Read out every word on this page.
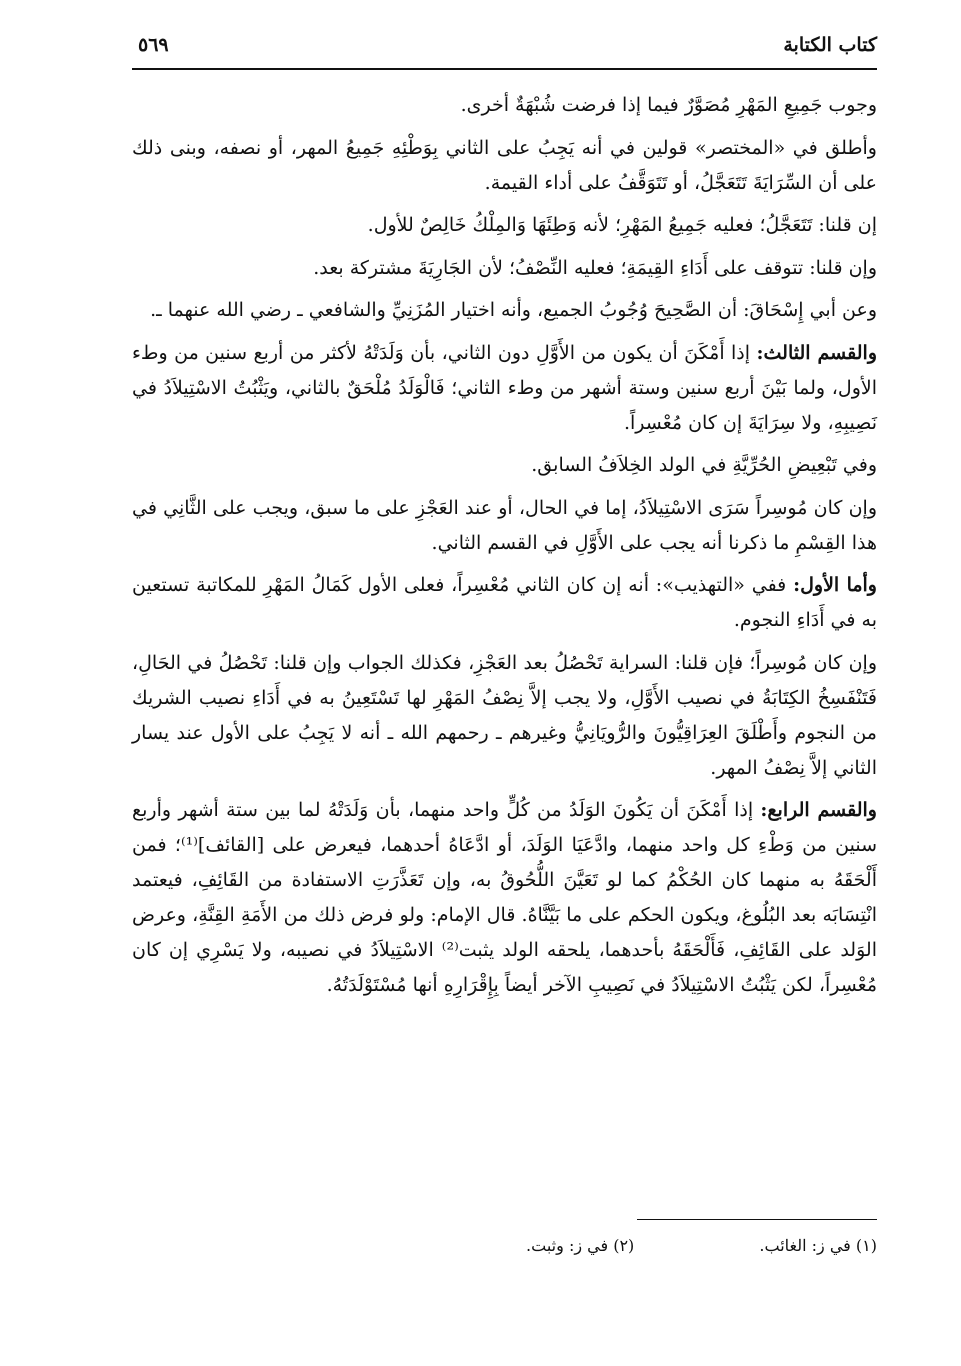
كتاب الكتابة
٥٦٩

وجوب جَمِيعِ المَهْرِ مُصَوَّرٌ فيما إذا فرضت شُبْهَةٌ أخرى.

وأطلق في «المختصر» قولين في أنه يَجِبُ على الثاني بِوَطْئِهِ جَمِيعُ المهر، أو نصفه، وبنى ذلك على أن السِّرَايَةَ تَتَعَجَّلُ، أو تَتَوَقَّفُ على أداء القيمة.

إن قلنا: تَتَعَجَّلُ؛ فعليه جَمِيعُ المَهْرِ؛ لأنه وَطِئَهَا وَالمِلْكُ خَالِصٌ للأول.

وإن قلنا: تتوقف على أَدَاءِ القِيمَةِ؛ فعليه النِّصْفُ؛ لأن الجَارِيَةَ مشتركة بعد.

وعن أبي إِسْحَاقَ: أن الصَّحِيحَ وُجُوبُ الجميع، وأنه اختيار المُزَنِيِّ والشافعي ـ رضي الله عنهما ـ.

والقسم الثالث: إذا أَمْكَنَ أن يكون من الأَوَّلِ دون الثاني، بأن وَلَدَتْهُ لأكثر من أربع سنين من وطء الأول، ولما بَيْنَ أربع سنين وستة أشهر من وطء الثاني؛ فَالْوَلَدُ مُلْحَقٌ بالثاني، ويَثْبُتُ الاسْتِيلاَدُ في نَصِيبِهِ، ولا سِرَايَةَ إن كان مُعْسِراً.

وفي تَبْعِيضِ الحُرِّيَّةِ في الولد الخِلاَفُ السابق.

وإن كان مُوسِراً سَرَى الاسْتِيلاَدُ، إما في الحال، أو عند العَجْزِ على ما سبق، ويجب على الثَّانِي في هذا القِسْمِ ما ذكرنا أنه يجب على الأَوَّلِ في القسم الثاني.

وأما الأول: ففي «التهذيب»: أنه إن كان الثاني مُعْسِراً، فعلى الأول كَمَالُ المَهْرِ للمكاتبة تستعين به في أَدَاءِ النجوم.

وإن كان مُوسِراً؛ فإن قلنا: السراية تَحْصُلُ بعد العَجْزِ، فكذلك الجواب وإن قلنا: تَحْصُلُ في الحَالِ، فَتَنْفَسِخُ الكِتَابَةُ في نصيب الأَوَّلِ، ولا يجب إلاَّ نِصْفُ المَهْرِ لها تَسْتَعِينُ به في أَدَاءِ نصيب الشريك من النجوم وأَطْلَقَ العِرَاقِيُّونَ والرُّويَانِيُّ وغيرهم ـ رحمهم الله ـ أنه لا يَجِبُ على الأول عند يسار الثاني إلاَّ نِصْفُ المهر.

والقسم الرابع: إذا أَمْكَنَ أن يَكُونَ الوَلَدُ من كُلٍّ واحد منهما، بأن وَلَدَتْهُ لما بين ستة أشهر وأربع سنين من وَطْءِ كل واحد منهما، وادَّعَيَا الوَلَدَ، أو ادَّعَاهُ أحدهما، فيعرض على [القائف]⁽¹⁾؛ فمن أَلْحَقَهُ به منهما كان الحُكْمُ كما لو تَعَيَّنَ اللُّحُوقُ به، وإن تَعَذَّرَتِ الاستفادة من القَائِفِ، فيعتمد انْتِسَابَه بعد البُلُوغ، ويكون الحكم على ما بَيَّنَّاهُ. قال الإمام: ولو فرض ذلك من الأَمَةِ القِنَّةِ، وعرض الوَلد على القَائِفِ، فَأَلْحَقَهُ بأحدهما، يلحقه الولد يثبت⁽²⁾ الاسْتِيلاَدُ في نصيبه، ولا يَسْرِي إن كان مُعْسِراً، لكن يَثْبُتُ الاسْتِيلاَدُ في نَصِيبِ الآخر أيضاً بِإِقْرَارِهِ أنها مُسْتَوْلَدَتُهُ.

(١) في ز: الغائب. (٢) في ز: وثبت.
